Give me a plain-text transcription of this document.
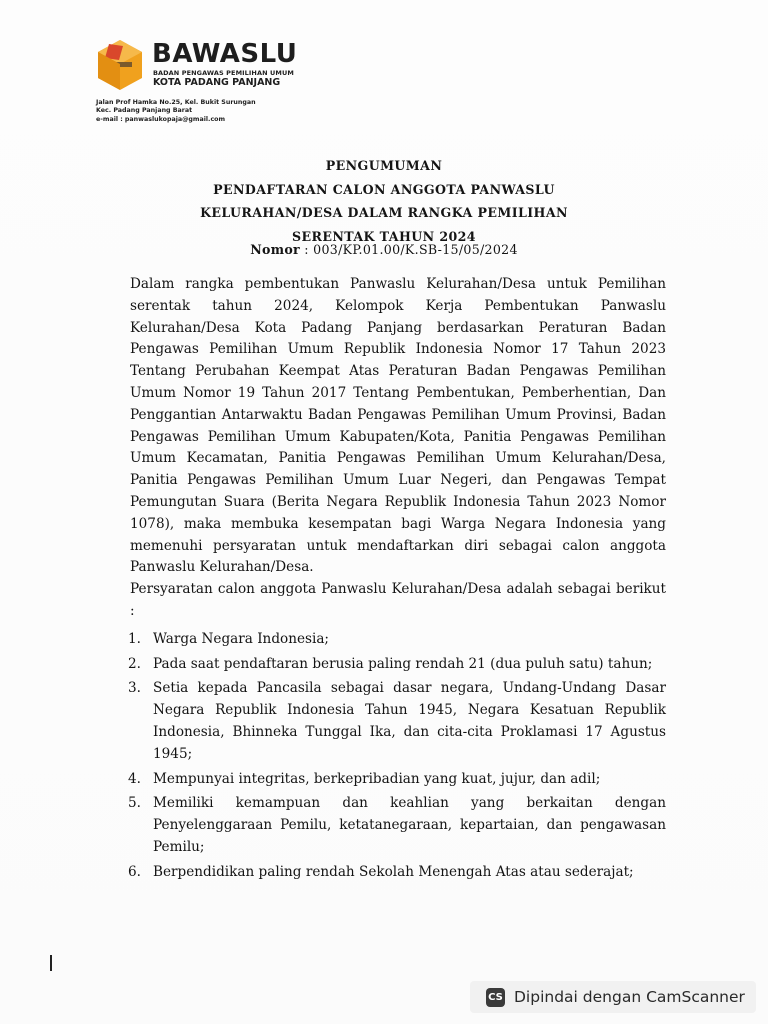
BAWASLU
BADAN PENGAWAS PEMILIHAN UMUM
KOTA PADANG PANJANG
Jalan Prof Hamka No.25, Kel. Bukit Surungan
Kec. Padang Panjang Barat
e-mail : panwaslukopaja@gmail.com
PENGUMUMAN
PENDAFTARAN CALON ANGGOTA PANWASLU
KELURAHAN/DESA DALAM RANGKA PEMILIHAN
SERENTAK TAHUN 2024
Nomor : 003/KP.01.00/K.SB-15/05/2024

Dalam rangka pembentukan Panwaslu Kelurahan/Desa untuk Pemilihan serentak tahun 2024, Kelompok Kerja Pembentukan Panwaslu Kelurahan/Desa Kota Padang Panjang berdasarkan Peraturan Badan Pengawas Pemilihan Umum Republik Indonesia Nomor 17 Tahun 2023 Tentang Perubahan Keempat Atas Peraturan Badan Pengawas Pemilihan Umum Nomor 19 Tahun 2017 Tentang Pembentukan, Pemberhentian, Dan Penggantian Antarwaktu Badan Pengawas Pemilihan Umum Provinsi, Badan Pengawas Pemilihan Umum Kabupaten/Kota, Panitia Pengawas Pemilihan Umum Kecamatan, Panitia Pengawas Pemilihan Umum Kelurahan/Desa, Panitia Pengawas Pemilihan Umum Luar Negeri, dan Pengawas Tempat Pemungutan Suara (Berita Negara Republik Indonesia Tahun 2023 Nomor 1078), maka membuka kesempatan bagi Warga Negara Indonesia yang memenuhi persyaratan untuk mendaftarkan diri sebagai calon anggota Panwaslu Kelurahan/Desa.

Persyaratan calon anggota Panwaslu Kelurahan/Desa adalah sebagai berikut :

1. Warga Negara Indonesia;
2. Pada saat pendaftaran berusia paling rendah 21 (dua puluh satu) tahun;
3. Setia kepada Pancasila sebagai dasar negara, Undang-Undang Dasar Negara Republik Indonesia Tahun 1945, Negara Kesatuan Republik Indonesia, Bhinneka Tunggal Ika, dan cita-cita Proklamasi 17 Agustus 1945;
4. Mempunyai integritas, berkepribadian yang kuat, jujur, dan adil;
5. Memiliki kemampuan dan keahlian yang berkaitan dengan Penyelenggaraan Pemilu, ketatanegaraan, kepartaian, dan pengawasan Pemilu;
6. Berpendidikan paling rendah Sekolah Menengah Atas atau sederajat;
CS Dipindai dengan CamScanner
